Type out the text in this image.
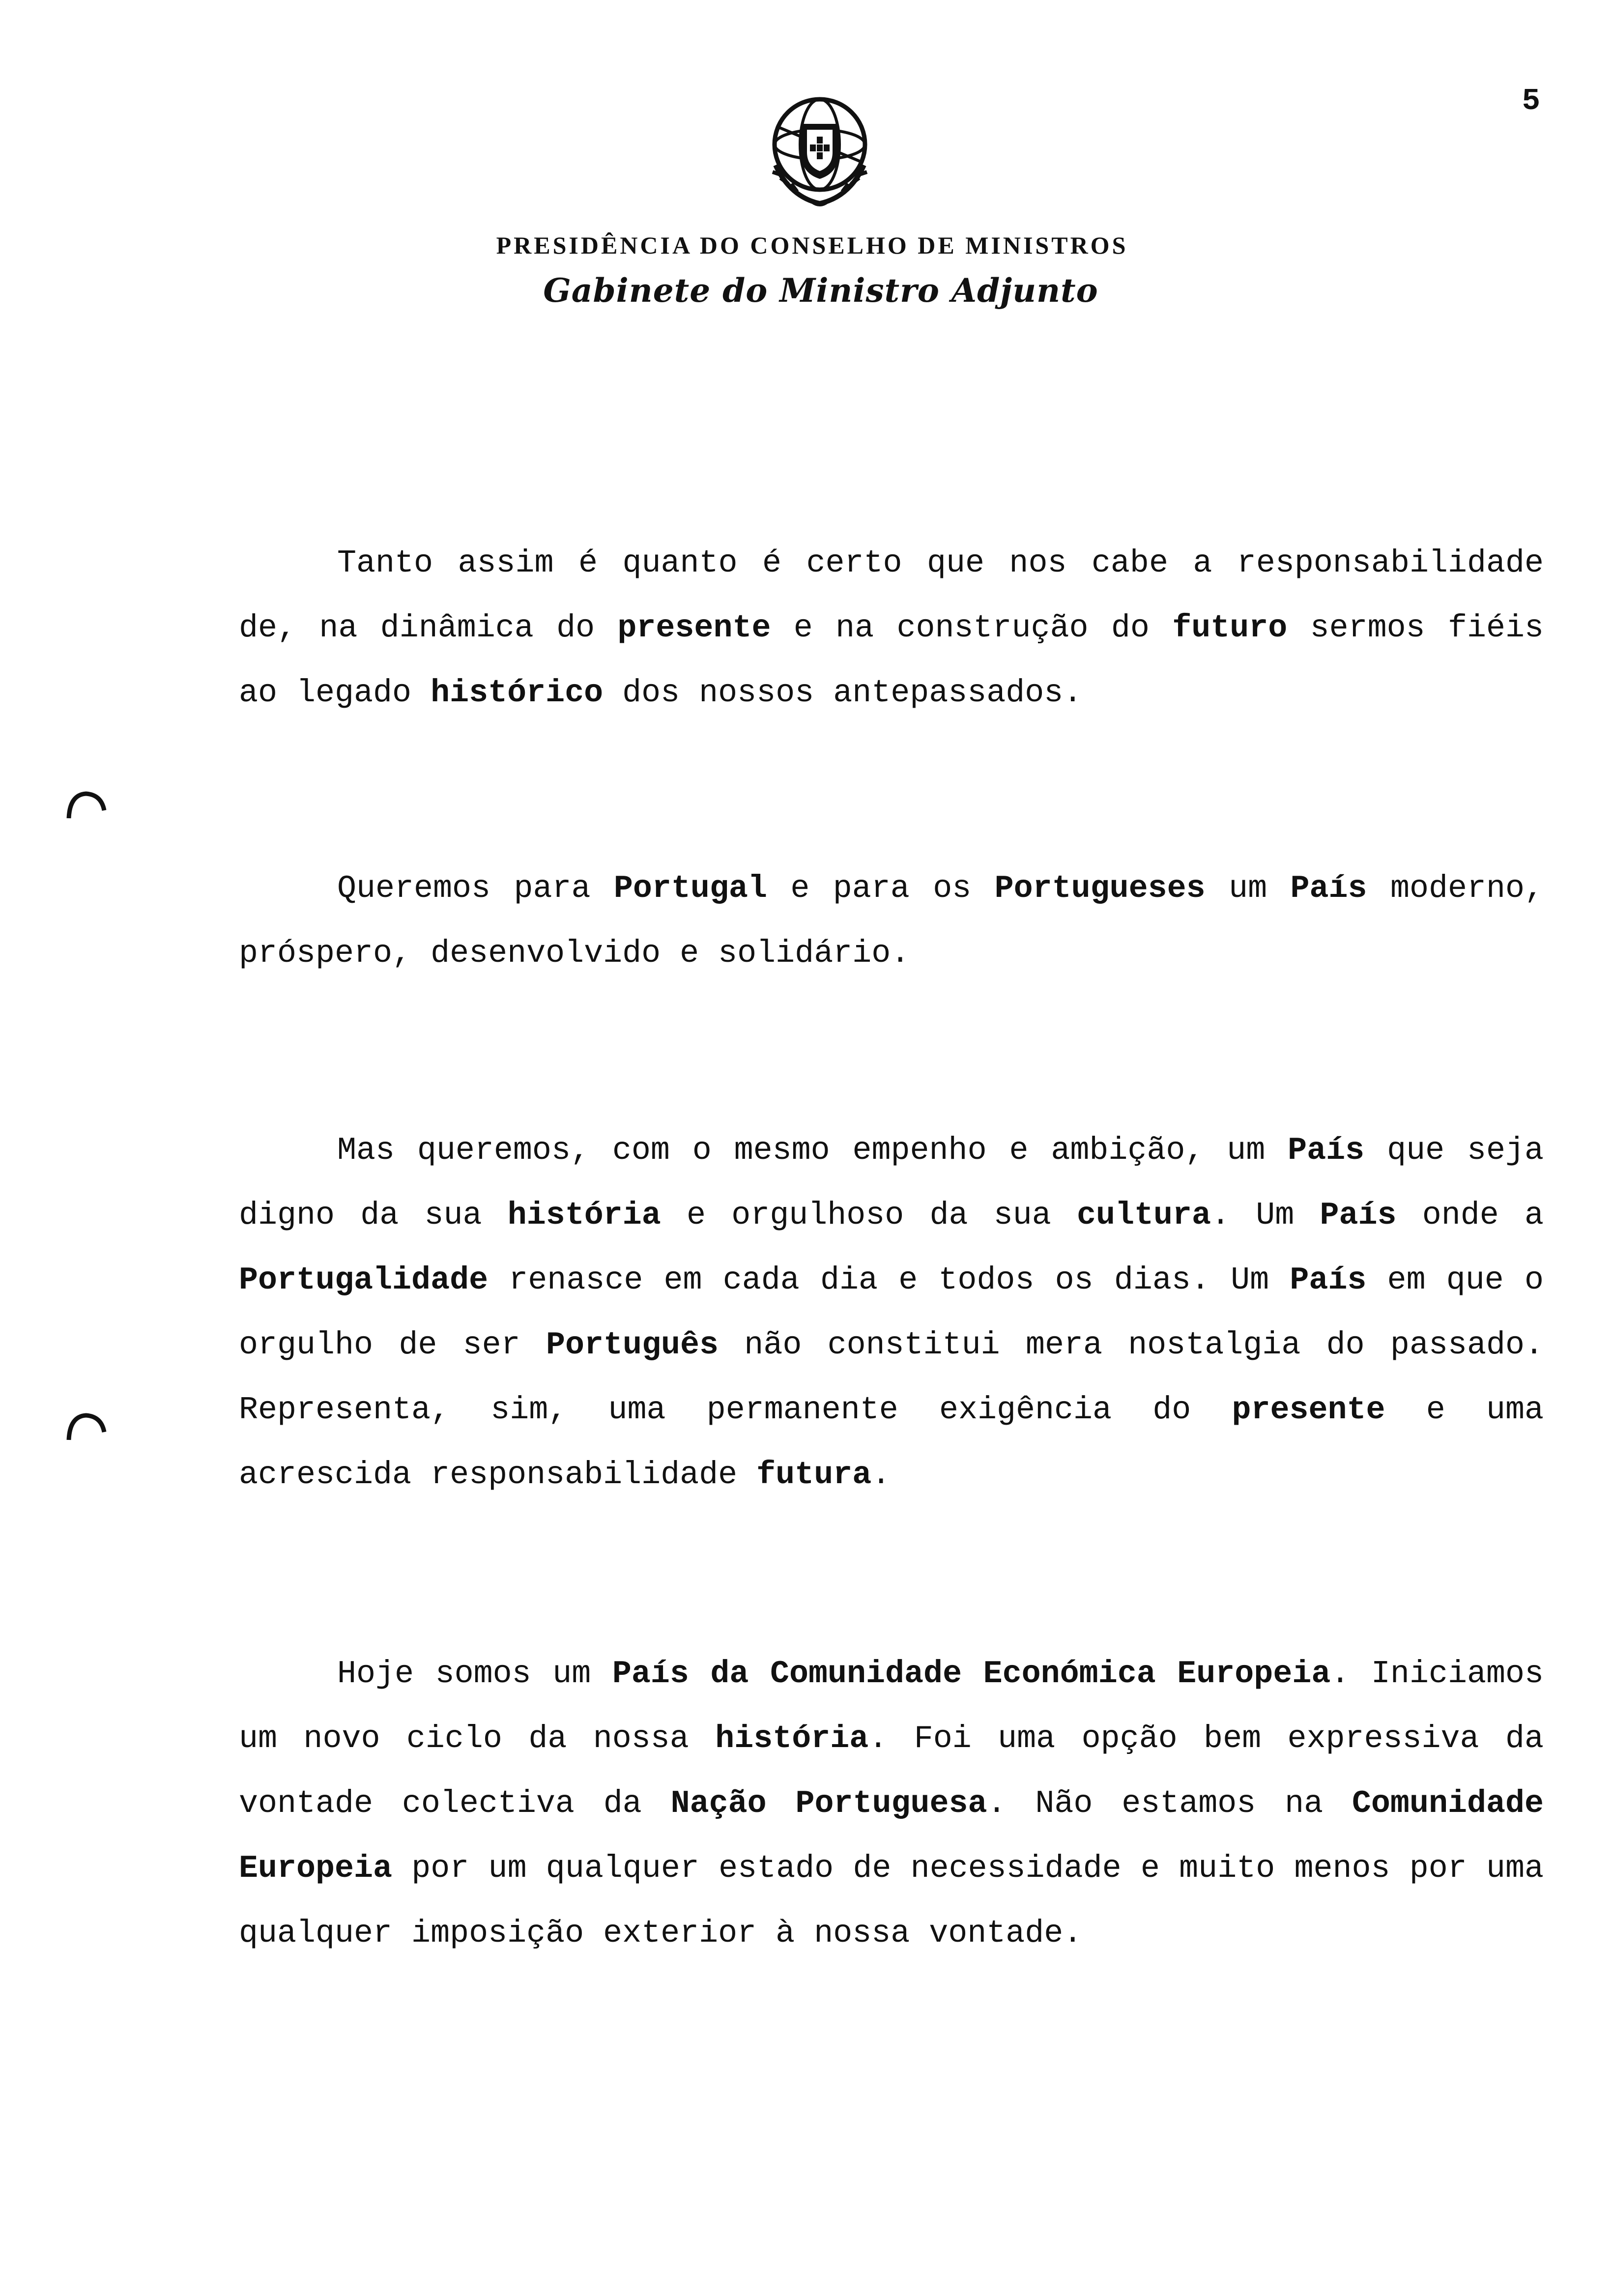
5
PRESIDÊNCIA DO CONSELHO DE MINISTROS
Gabinete do Ministro Adjunto

Tanto assim é quanto é certo que nos cabe a responsabilidade de, na dinâmica do presente e na construção do futuro sermos fiéis ao legado histórico dos nossos antepassados.

Queremos para Portugal e para os Portugueses um País moderno, próspero, desenvolvido e solidário.

Mas queremos, com o mesmo empenho e ambição, um País que seja digno da sua história e orgulhoso da sua cultura. Um País onde a Portugalidade renasce em cada dia e todos os dias. Um País em que o orgulho de ser Português não constitui mera nostalgia do passado. Representa, sim, uma permanente exigência do presente e uma acrescida responsabilidade futura.

Hoje somos um País da Comunidade Económica Europeia. Iniciamos um novo ciclo da nossa história. Foi uma opção bem expressiva da vontade colectiva da Nação Portuguesa. Não estamos na Comunidade Europeia por um qualquer estado de necessidade e muito menos por uma qualquer imposição exterior à nossa vontade.
